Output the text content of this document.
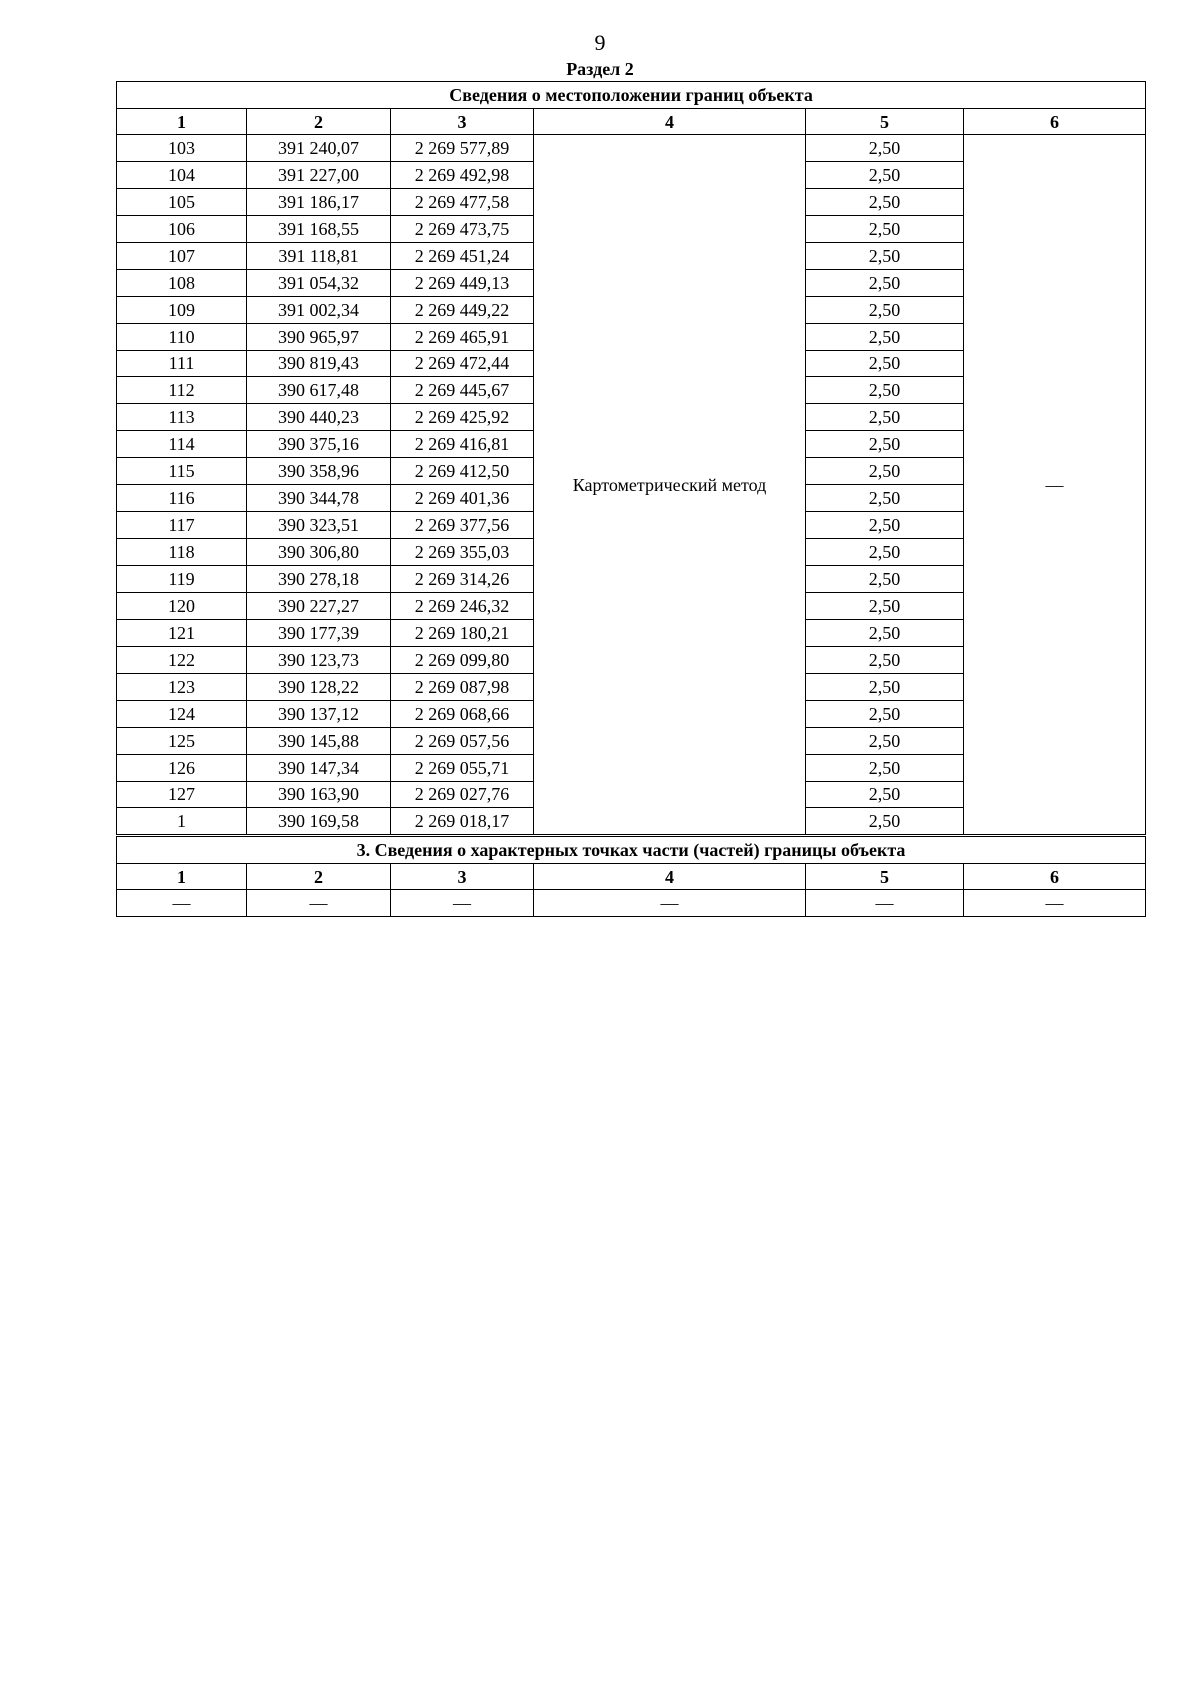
9
Раздел 2
Сведения о местоположении границ объекта					
1	2	3	4	5	6
103	391 240,07	2 269 577,89	Картометрический метод	2,50	—
104	391 227,00	2 269 492,98		2,50	
105	391 186,17	2 269 477,58		2,50	
106	391 168,55	2 269 473,75		2,50	
107	391 118,81	2 269 451,24		2,50	
108	391 054,32	2 269 449,13		2,50	
109	391 002,34	2 269 449,22		2,50	
110	390 965,97	2 269 465,91		2,50	
111	390 819,43	2 269 472,44		2,50	
112	390 617,48	2 269 445,67		2,50	
113	390 440,23	2 269 425,92		2,50	
114	390 375,16	2 269 416,81		2,50	
115	390 358,96	2 269 412,50		2,50	
116	390 344,78	2 269 401,36		2,50	
117	390 323,51	2 269 377,56		2,50	
118	390 306,80	2 269 355,03		2,50	
119	390 278,18	2 269 314,26		2,50	
120	390 227,27	2 269 246,32		2,50	
121	390 177,39	2 269 180,21		2,50	
122	390 123,73	2 269 099,80		2,50	
123	390 128,22	2 269 087,98		2,50	
124	390 137,12	2 269 068,66		2,50	
125	390 145,88	2 269 057,56		2,50	
126	390 147,34	2 269 055,71		2,50	
127	390 163,90	2 269 027,76		2,50	
1	390 169,58	2 269 018,17		2,50	
3. Сведения о характерных точках части (частей) границы объекта					
1	2	3	4	5	6
—	—	—	—	—	—
